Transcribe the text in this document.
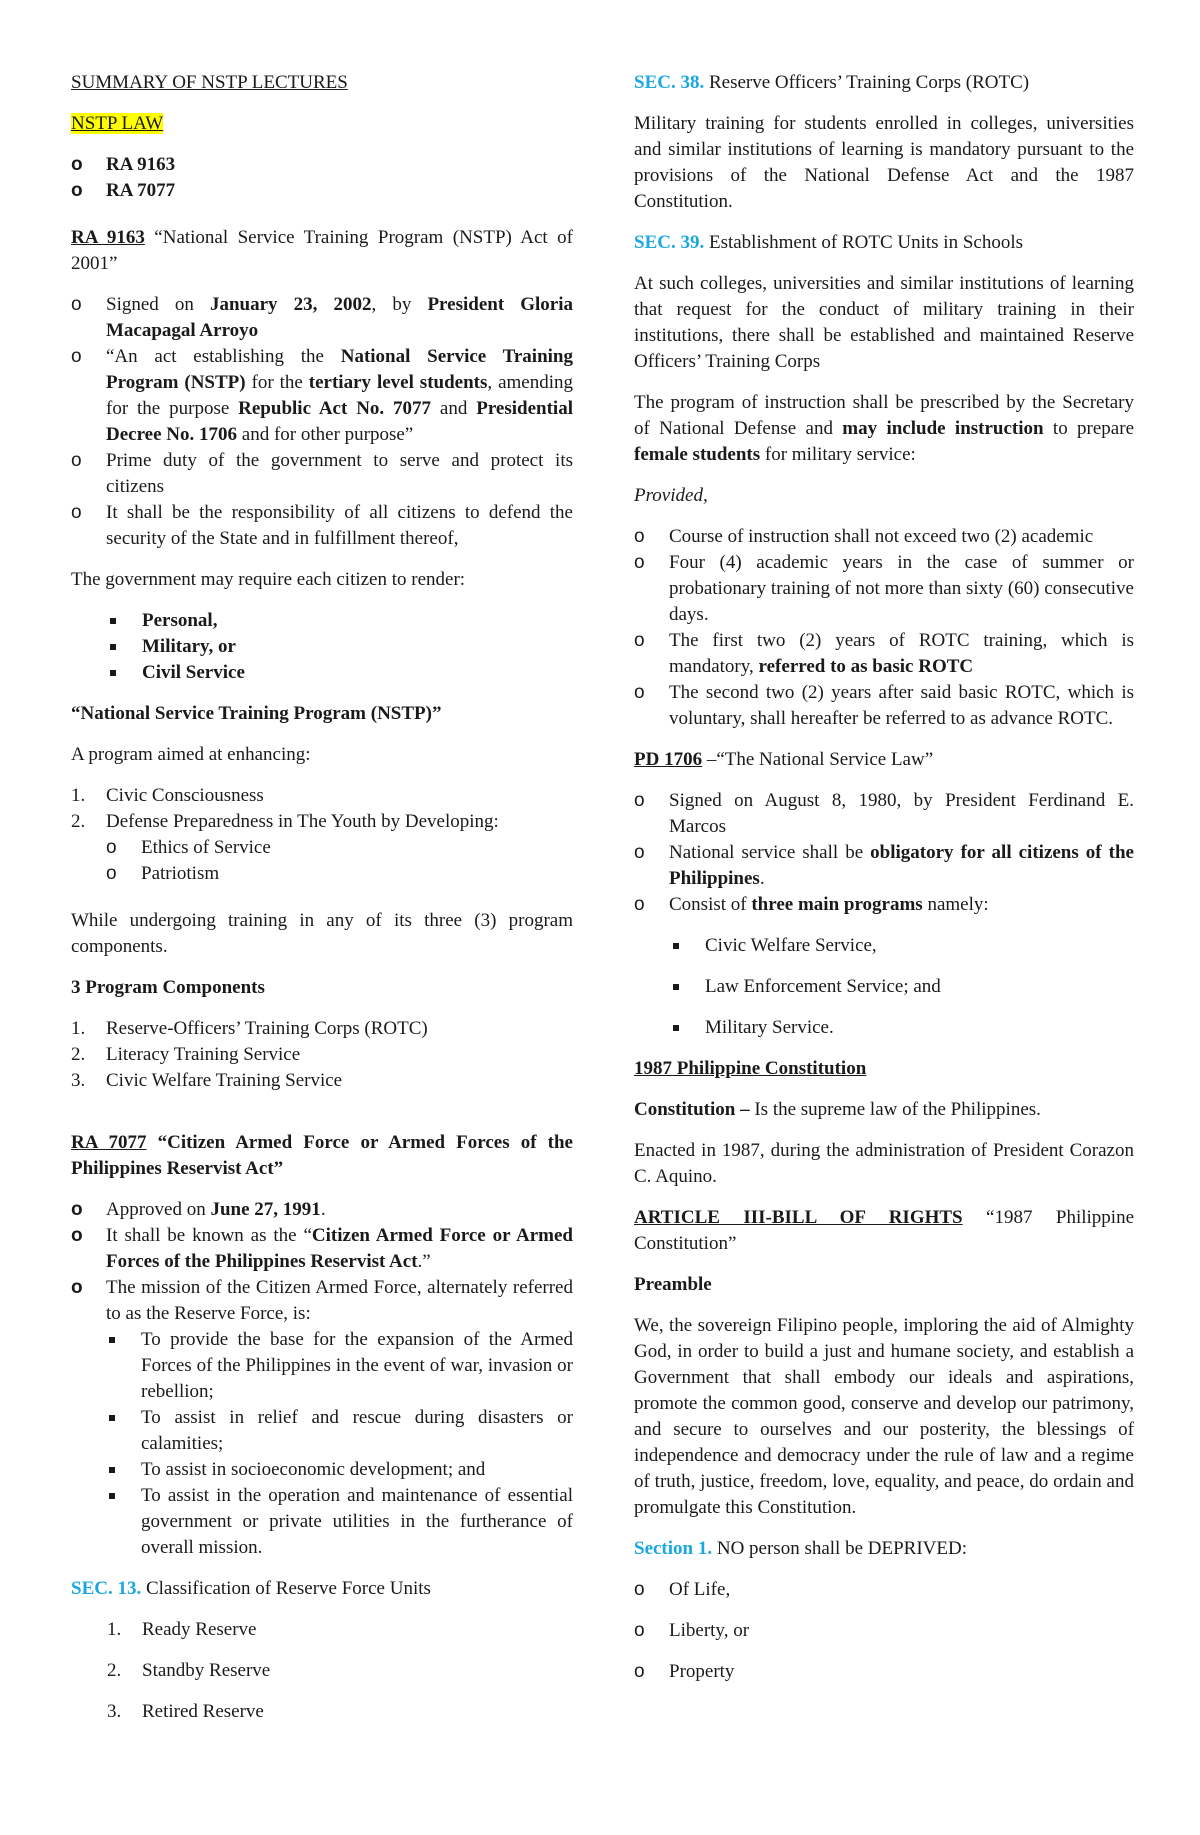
SUMMARY OF NSTP LECTURES

NSTP LAW

o RA 9163
o RA 7077

RA 9163 “National Service Training Program (NSTP) Act of 2001”

o Signed on January 23, 2002, by President Gloria Macapagal Arroyo
o “An act establishing the National Service Training Program (NSTP) for the tertiary level students, amending for the purpose Republic Act No. 7077 and Presidential Decree No. 1706 and for other purpose”
o Prime duty of the government to serve and protect its citizens
o It shall be the responsibility of all citizens to defend the security of the State and in fulfillment thereof,

The government may require each citizen to render:

Personal,
Military, or
Civil Service

“National Service Training Program (NSTP)”

A program aimed at enhancing:

1. Civic Consciousness
2. Defense Preparedness in The Youth by Developing:
o Ethics of Service
o Patriotism

While undergoing training in any of its three (3) program components.

3 Program Components

1. Reserve-Officers’ Training Corps (ROTC)
2. Literacy Training Service
3. Civic Welfare Training Service

RA 7077 “Citizen Armed Force or Armed Forces of the Philippines Reservist Act”

o Approved on June 27, 1991.
o It shall be known as the “Citizen Armed Force or Armed Forces of the Philippines Reservist Act.”
o The mission of the Citizen Armed Force, alternately referred to as the Reserve Force, is:
To provide the base for the expansion of the Armed Forces of the Philippines in the event of war, invasion or rebellion;
To assist in relief and rescue during disasters or calamities;
To assist in socioeconomic development; and
To assist in the operation and maintenance of essential government or private utilities in the furtherance of overall mission.

SEC. 13. Classification of Reserve Force Units

1. Ready Reserve
2. Standby Reserve
3. Retired Reserve

SEC. 38. Reserve Officers’ Training Corps (ROTC)

Military training for students enrolled in colleges, universities and similar institutions of learning is mandatory pursuant to the provisions of the National Defense Act and the 1987 Constitution.

SEC. 39. Establishment of ROTC Units in Schools

At such colleges, universities and similar institutions of learning that request for the conduct of military training in their institutions, there shall be established and maintained Reserve Officers’ Training Corps

The program of instruction shall be prescribed by the Secretary of National Defense and may include instruction to prepare female students for military service:

Provided,

o Course of instruction shall not exceed two (2) academic
o Four (4) academic years in the case of summer or probationary training of not more than sixty (60) consecutive days.
o The first two (2) years of ROTC training, which is mandatory, referred to as basic ROTC
o The second two (2) years after said basic ROTC, which is voluntary, shall hereafter be referred to as advance ROTC.

PD 1706 –“The National Service Law”

o Signed on August 8, 1980, by President Ferdinand E. Marcos
o National service shall be obligatory for all citizens of the Philippines.
o Consist of three main programs namely:
Civic Welfare Service,
Law Enforcement Service; and
Military Service.

1987 Philippine Constitution

Constitution – Is the supreme law of the Philippines.

Enacted in 1987, during the administration of President Corazon C. Aquino.

ARTICLE III-BILL OF RIGHTS “1987 Philippine Constitution”

Preamble

We, the sovereign Filipino people, imploring the aid of Almighty God, in order to build a just and humane society, and establish a Government that shall embody our ideals and aspirations, promote the common good, conserve and develop our patrimony, and secure to ourselves and our posterity, the blessings of independence and democracy under the rule of law and a regime of truth, justice, freedom, love, equality, and peace, do ordain and promulgate this Constitution.

Section 1. NO person shall be DEPRIVED:

o Of Life,
o Liberty, or
o Property
